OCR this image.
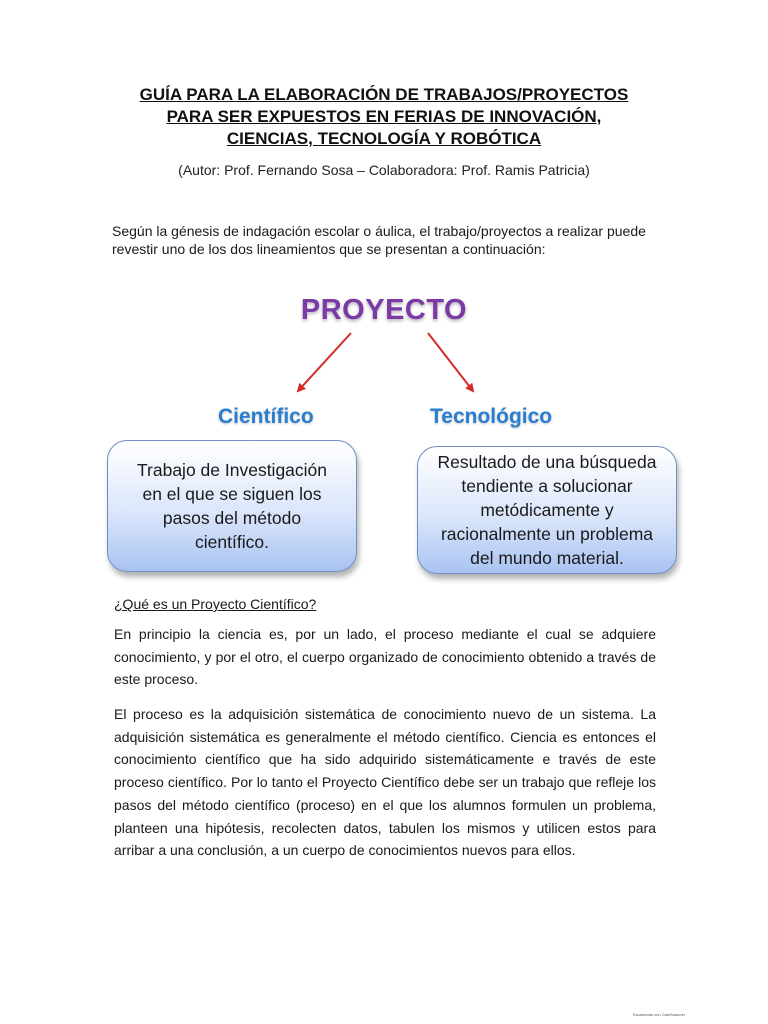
GUÍA PARA LA ELABORACIÓN DE TRABAJOS/PROYECTOS
PARA SER EXPUESTOS EN FERIAS DE INNOVACIÓN,
CIENCIAS, TECNOLOGÍA Y ROBÓTICA
(Autor: Prof. Fernando Sosa – Colaboradora: Prof. Ramis Patricia)
Según la génesis de indagación escolar o áulica, el trabajo/proyectos a realizar puede
revestir uno de los dos lineamientos que se presentan a continuación:
PROYECTO
Científico	Tecnológico
Trabajo de Investigación
en el que se siguen los
pasos del método
científico.
Resultado de una búsqueda
tendiente a solucionar
metódicamente y
racionalmente un problema
del mundo material.
¿Qué es un Proyecto Científico?
En principio la ciencia es, por un lado, el proceso mediante el cual se adquiere
conocimiento, y por el otro, el cuerpo organizado de conocimiento obtenido a través de
este proceso.
El proceso es la adquisición sistemática de conocimiento nuevo de un sistema. La
adquisición sistemática es generalmente el método científico. Ciencia es entonces el
conocimiento científico que ha sido adquirido sistemáticamente e través de este
proceso científico. Por lo tanto el Proyecto Científico debe ser un trabajo que refleje los
pasos del método científico (proceso) en el que los alumnos formulen un problema,
planteen una hipótesis, recolecten datos, tabulen los mismos y utilicen estos para
arribar a una conclusión, a un cuerpo de conocimientos nuevos para ellos.
Escaneado con CamScanner
